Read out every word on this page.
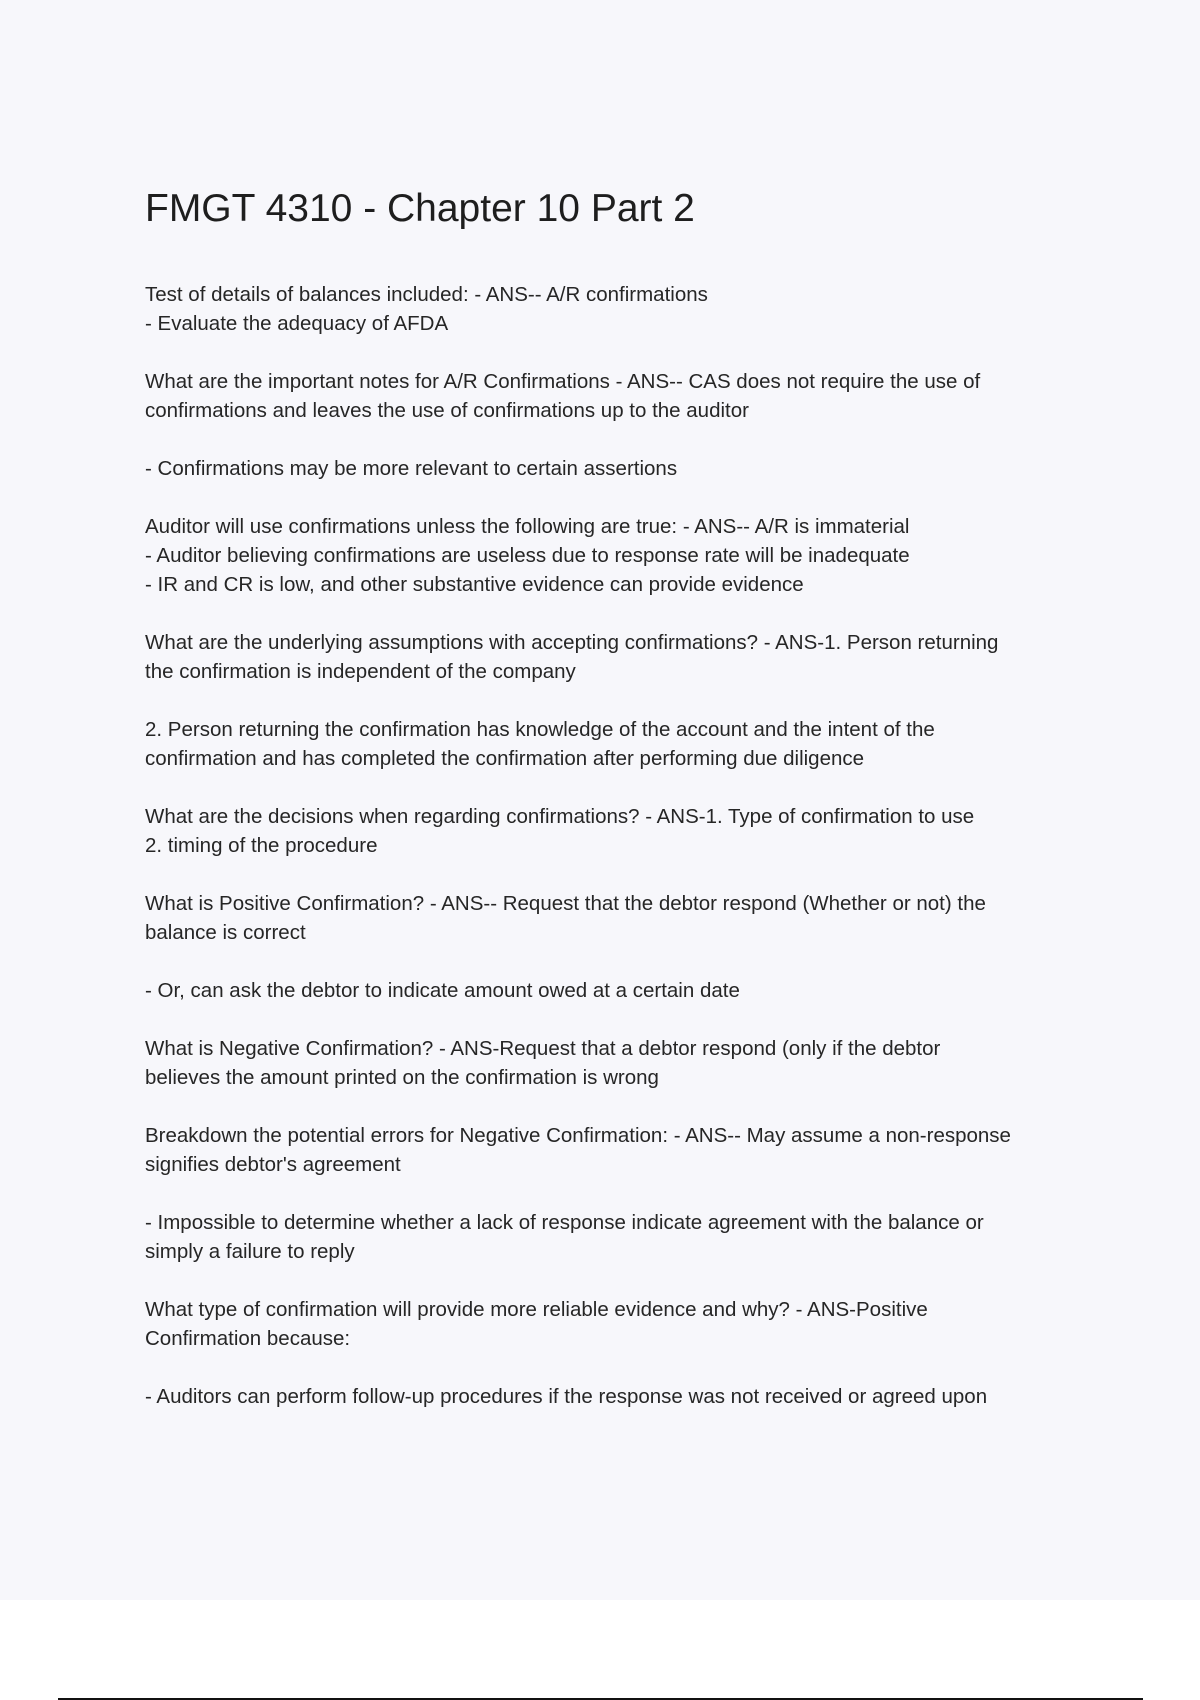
FMGT 4310 - Chapter 10 Part 2
Test of details of balances included: - ANS-- A/R confirmations
- Evaluate the adequacy of AFDA
What are the important notes for A/R Confirmations - ANS-- CAS does not require the use of
confirmations and leaves the use of confirmations up to the auditor
- Confirmations may be more relevant to certain assertions
Auditor will use confirmations unless the following are true: - ANS-- A/R is immaterial
- Auditor believing confirmations are useless due to response rate will be inadequate
- IR and CR is low, and other substantive evidence can provide evidence
What are the underlying assumptions with accepting confirmations? - ANS-1. Person returning
the confirmation is independent of the company
2. Person returning the confirmation has knowledge of the account and the intent of the
confirmation and has completed the confirmation after performing due diligence
What are the decisions when regarding confirmations? - ANS-1. Type of confirmation to use
2. timing of the procedure
What is Positive Confirmation? - ANS-- Request that the debtor respond (Whether or not) the
balance is correct
- Or, can ask the debtor to indicate amount owed at a certain date
What is Negative Confirmation? - ANS-Request that a debtor respond (only if the debtor
believes the amount printed on the confirmation is wrong
Breakdown the potential errors for Negative Confirmation: - ANS-- May assume a non-response
signifies debtor's agreement
- Impossible to determine whether a lack of response indicate agreement with the balance or
simply a failure to reply
What type of confirmation will provide more reliable evidence and why? - ANS-Positive
Confirmation because:
- Auditors can perform follow-up procedures if the response was not received or agreed upon
